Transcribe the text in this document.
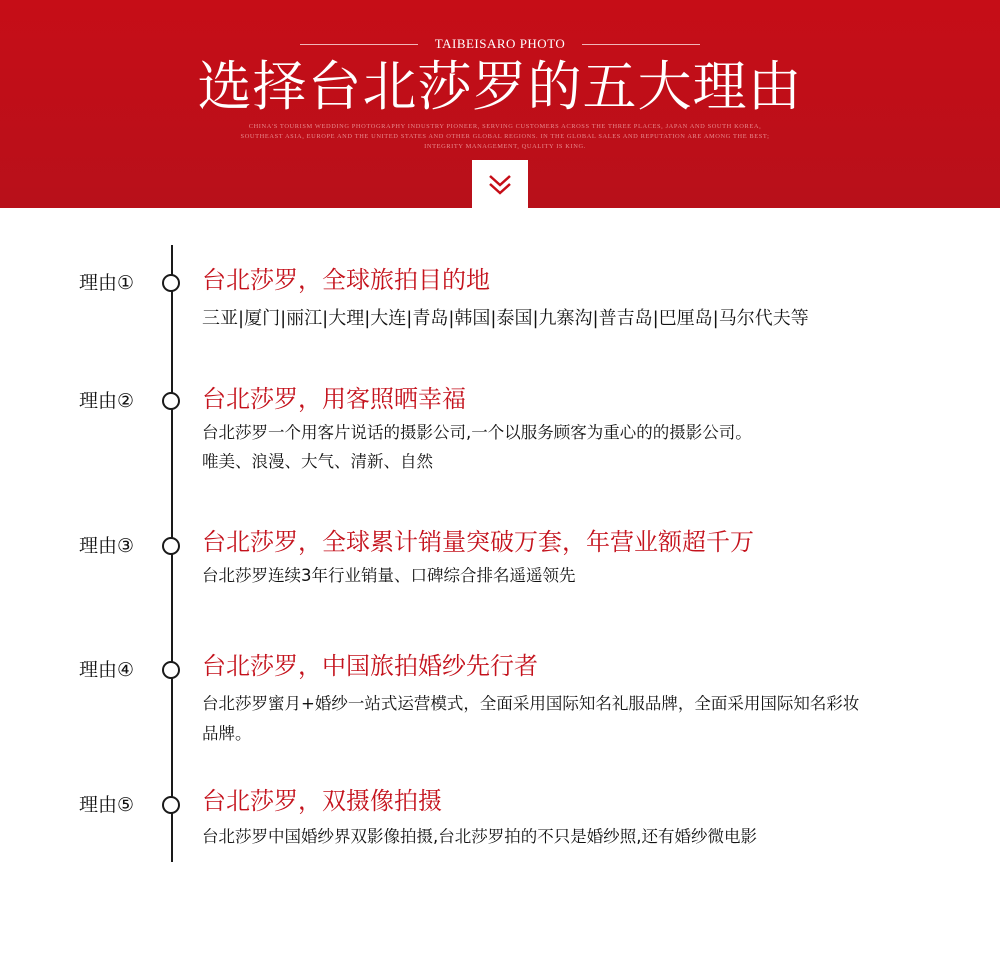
TAIBEISARO PHOTO
选择台北莎罗的五大理由
CHINA'S TOURISM WEDDING PHOTOGRAPHY INDUSTRY PIONEER, SERVING CUSTOMERS ACROSS THE THREE PLACES, JAPAN AND SOUTH KOREA, SOUTHEAST ASIA, EUROPE AND THE UNITED STATES AND OTHER GLOBAL REGIONS. IN THE GLOBAL SALES AND REPUTATION ARE AMONG THE BEST; INTEGRITY MANAGEMENT, QUALITY IS KING.
理由①	台北莎罗，全球旅拍目的地
三亚|厦门|丽江|大理|大连|青岛|韩国|泰国|九寨沟|普吉岛|巴厘岛|马尔代夫等
理由②	台北莎罗，用客照晒幸福
台北莎罗一个用客片说话的摄影公司,一个以服务顾客为重心的的摄影公司。
唯美、浪漫、大气、清新、自然
理由③	台北莎罗，全球累计销量突破万套，年营业额超千万
台北莎罗连续3年行业销量、口碑综合排名遥遥领先
理由④	台北莎罗，中国旅拍婚纱先行者
台北莎罗蜜月+婚纱一站式运营模式，全面采用国际知名礼服品牌，全面采用国际知名彩妆品牌。
理由⑤	台北莎罗，双摄像拍摄
台北莎罗中国婚纱界双影像拍摄,台北莎罗拍的不只是婚纱照,还有婚纱微电影
